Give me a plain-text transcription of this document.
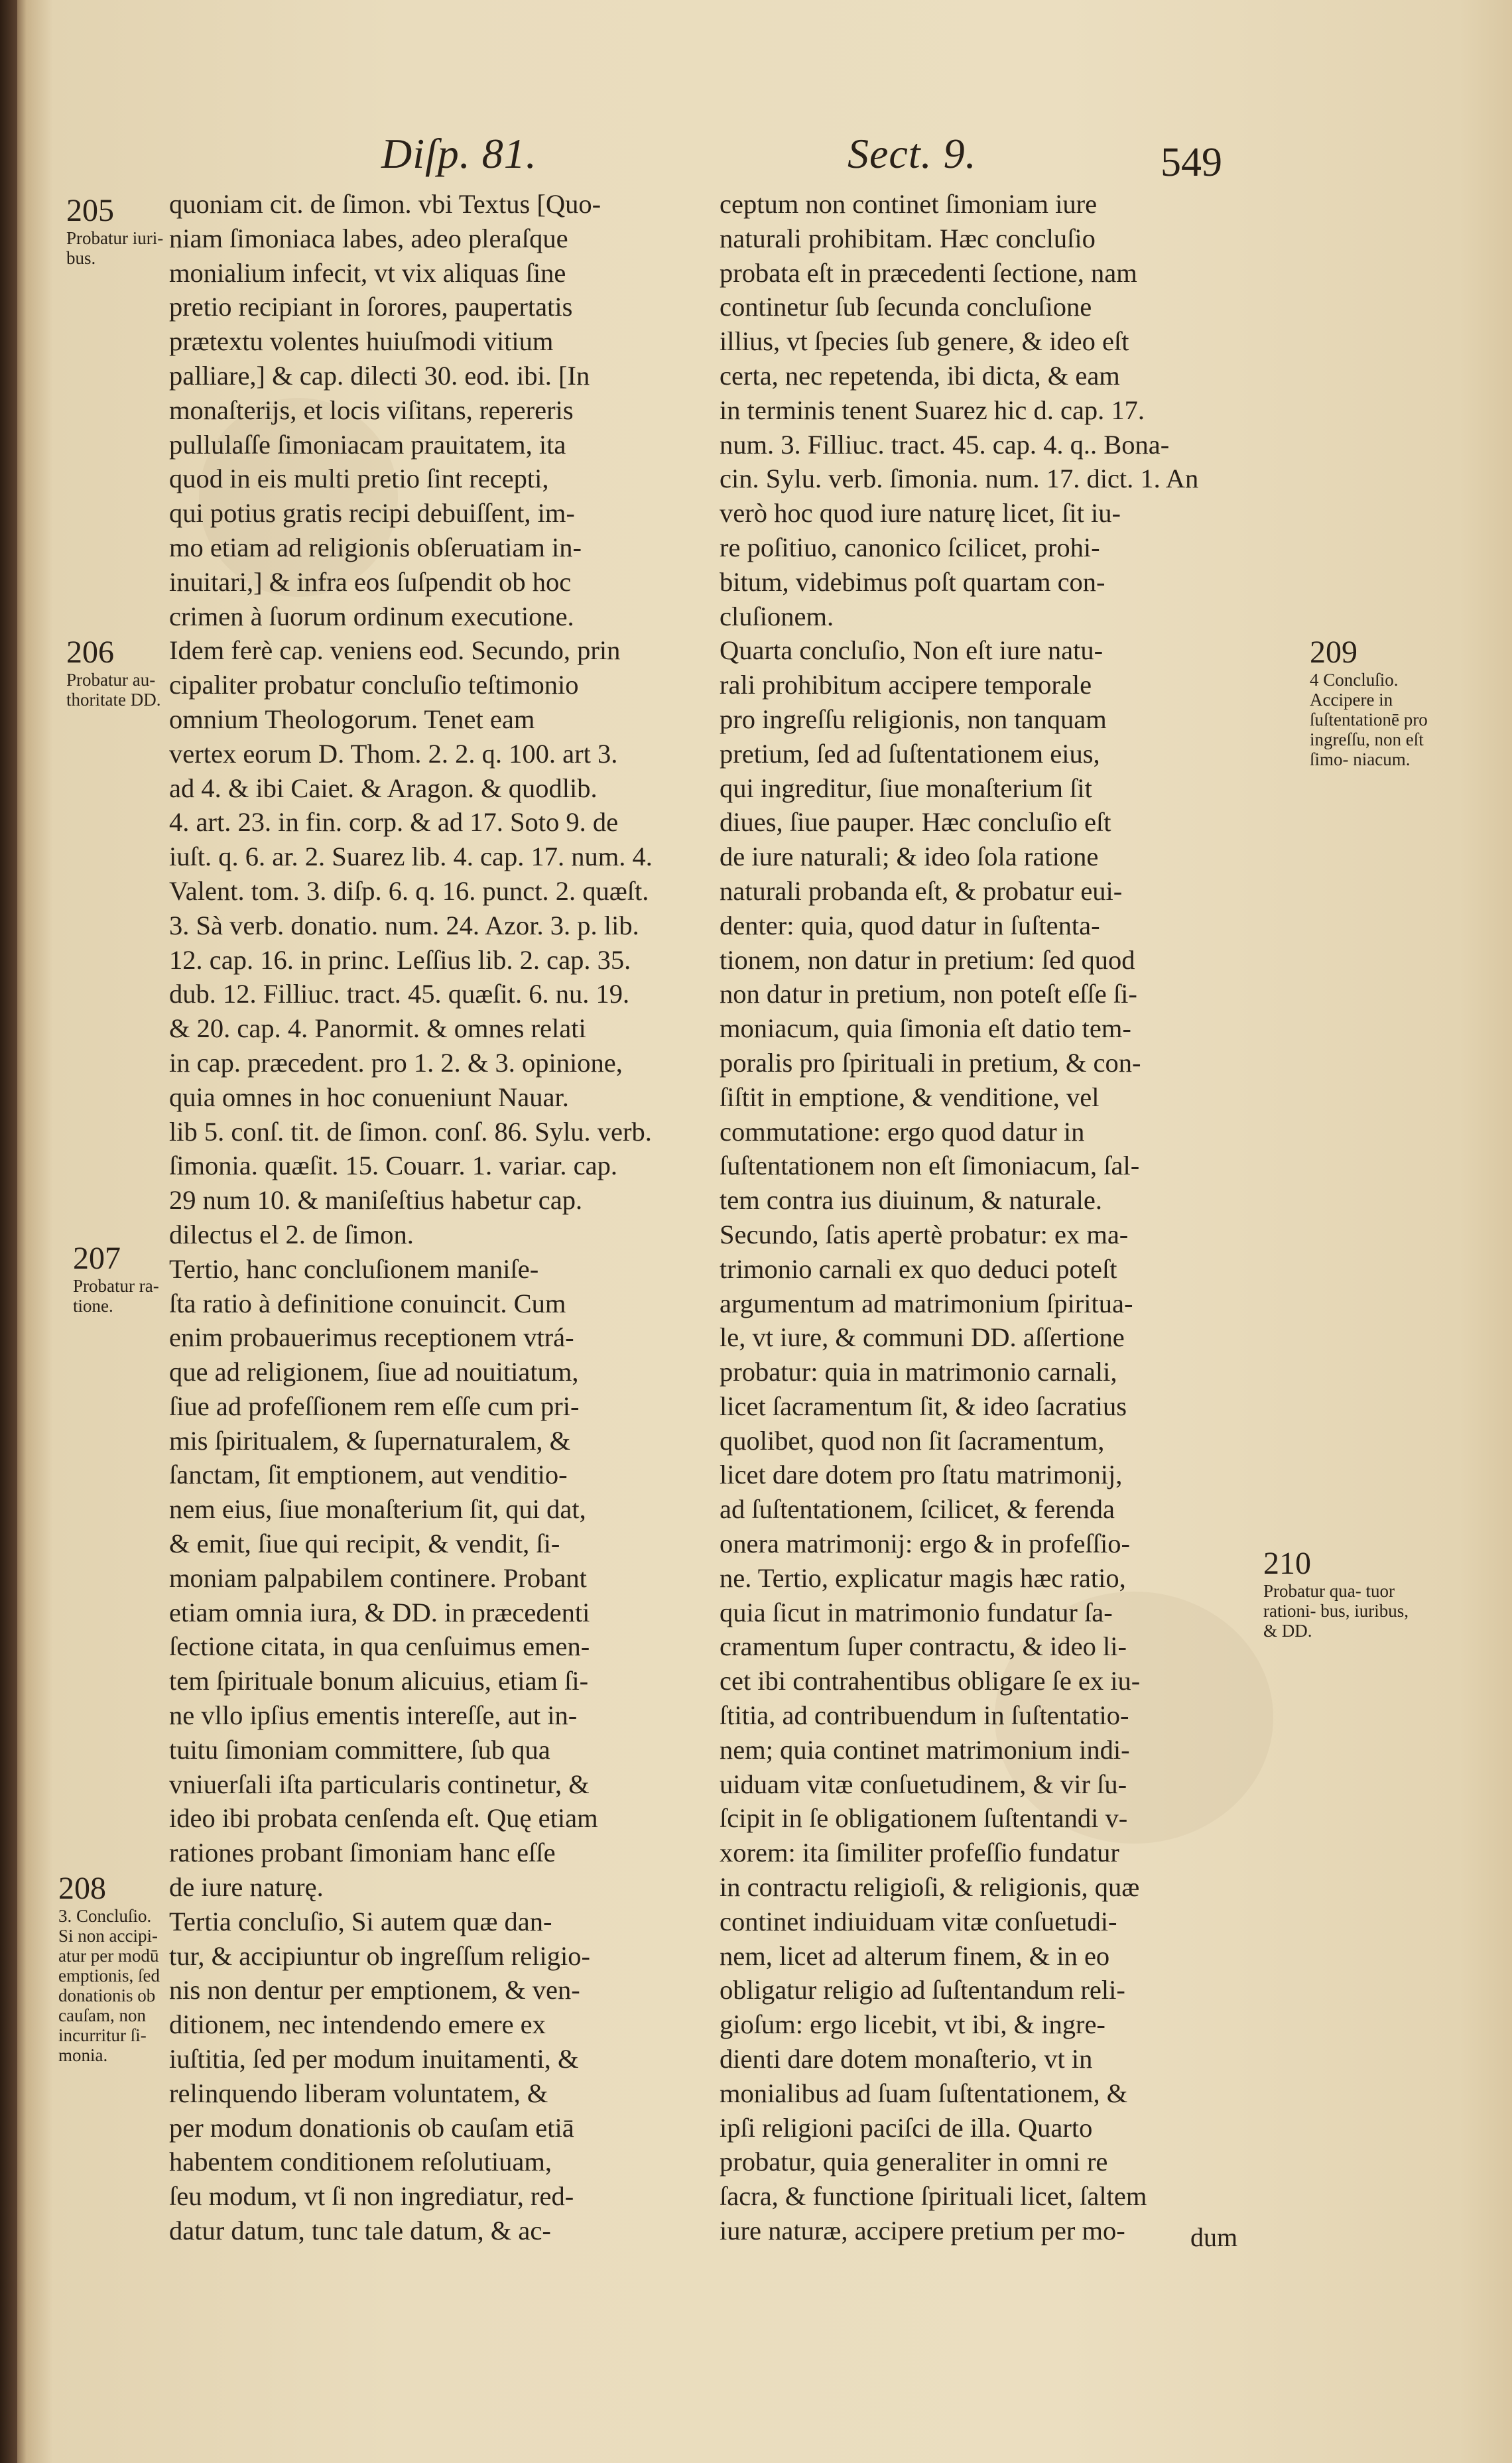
Diſp. 81.	Sect. 9.	549
205
Probatur iuri- bus.
206
Probatur au- thoritate DD.
207
Probatur ra- tione.
208
3. Concluſio. Si non accipi- atur per modū emptionis, ſed donationis ob cauſam, non incurritur ſi- monia.
209
4 Concluſio. Accipere in ſuſtentationē pro ingreſſu, non eſt ſimo- niacum.
210
Probatur qua- tuor rationi- bus, iuribus, & DD.
quoniam cit. de ſimon. vbi Textus [Quo-
niam ſimoniaca labes, adeo pleraſque
monialium infecit, vt vix aliquas ſine
pretio recipiant in ſorores, paupertatis
prætextu volentes huiuſmodi vitium
palliare,] & cap. dilecti 30. eod. ibi. [In
monaſterijs, et locis viſitans, repereris
pullulaſſe ſimoniacam prauitatem, ita
quod in eis multi pretio ſint recepti,
qui potius gratis recipi debuiſſent, im-
mo etiam ad religionis obſeruatiam in-
inuitari,] & infra eos ſuſpendit ob hoc
crimen à ſuorum ordinum executione.
Idem ferè cap. veniens eod. Secundo, prin
cipaliter probatur concluſio teſtimonio
omnium Theologorum. Tenet eam
vertex eorum D. Thom. 2. 2. q. 100. art 3.
ad 4. & ibi Caiet. & Aragon. & quodlib.
4. art. 23. in fin. corp. & ad 17. Soto 9. de
iuſt. q. 6. ar. 2. Suarez lib. 4. cap. 17. num. 4.
Valent. tom. 3. diſp. 6. q. 16. punct. 2. quæſt.
3. Sà verb. donatio. num. 24. Azor. 3. p. lib.
12. cap. 16. in princ. Leſſius lib. 2. cap. 35.
dub. 12. Filliuc. tract. 45. quæſit. 6. nu. 19.
& 20. cap. 4. Panormit. & omnes relati
in cap. præcedent. pro 1. 2. & 3. opinione,
quia omnes in hoc conueniunt Nauar.
lib 5. conſ. tit. de ſimon. conſ. 86. Sylu. verb.
ſimonia. quæſit. 15. Couarr. 1. variar. cap.
29 num 10. & maniſeſtius habetur cap.
dilectus el 2. de ſimon.
Tertio, hanc concluſionem maniſe-
ſta ratio à definitione conuincit. Cum
enim probauerimus receptionem vtrá-
que ad religionem, ſiue ad nouitiatum,
ſiue ad profeſſionem rem eſſe cum pri-
mis ſpiritualem, & ſupernaturalem, &
ſanctam, ſit emptionem, aut venditio-
nem eius, ſiue monaſterium ſit, qui dat,
& emit, ſiue qui recipit, & vendit, ſi-
moniam palpabilem continere. Probant
etiam omnia iura, & DD. in præcedenti
ſectione citata, in qua cenſuimus emen-
tem ſpirituale bonum alicuius, etiam ſi-
ne vllo ipſius ementis intereſſe, aut in-
tuitu ſimoniam committere, ſub qua
vniuerſali iſta particularis continetur, &
ideo ibi probata cenſenda eſt. Quę etiam
rationes probant ſimoniam hanc eſſe
de iure naturę.
Tertia concluſio, Si autem quæ dan-
tur, & accipiuntur ob ingreſſum religio-
nis non dentur per emptionem, & ven-
ditionem, nec intendendo emere ex
iuſtitia, ſed per modum inuitamenti, &
relinquendo liberam voluntatem, &
per modum donationis ob cauſam etiā
habentem conditionem reſolutiuam,
ſeu modum, vt ſi non ingrediatur, red-
datur datum, tunc tale datum, & ac-
ceptum non continet ſimoniam iure
naturali prohibitam. Hæc concluſio
probata eſt in præcedenti ſectione, nam
continetur ſub ſecunda concluſione
illius, vt ſpecies ſub genere, & ideo eſt
certa, nec repetenda, ibi dicta, & eam
in terminis tenent Suarez hic d. cap. 17.
num. 3. Filliuc. tract. 45. cap. 4. q.. Bona-
cin. Sylu. verb. ſimonia. num. 17. dict. 1. An
verò hoc quod iure naturę licet, ſit iu-
re poſitiuo, canonico ſcilicet, prohi-
bitum, videbimus poſt quartam con-
cluſionem.
Quarta concluſio, Non eſt iure natu-
rali prohibitum accipere temporale
pro ingreſſu religionis, non tanquam
pretium, ſed ad ſuſtentationem eius,
qui ingreditur, ſiue monaſterium ſit
diues, ſiue pauper. Hæc concluſio eſt
de iure naturali; & ideo ſola ratione
naturali probanda eſt, & probatur eui-
denter: quia, quod datur in ſuſtenta-
tionem, non datur in pretium: ſed quod
non datur in pretium, non poteſt eſſe ſi-
moniacum, quia ſimonia eſt datio tem-
poralis pro ſpirituali in pretium, & con-
ſiſtit in emptione, & venditione, vel
commutatione: ergo quod datur in
ſuſtentationem non eſt ſimoniacum, ſal-
tem contra ius diuinum, & naturale.
Secundo, ſatis apertè probatur: ex ma-
trimonio carnali ex quo deduci poteſt
argumentum ad matrimonium ſpiritua-
le, vt iure, & communi DD. aſſertione
probatur: quia in matrimonio carnali,
licet ſacramentum ſit, & ideo ſacratius
quolibet, quod non ſit ſacramentum,
licet dare dotem pro ſtatu matrimonij,
ad ſuſtentationem, ſcilicet, & ferenda
onera matrimonij: ergo & in profeſſio-
ne. Tertio, explicatur magis hæc ratio,
quia ſicut in matrimonio fundatur ſa-
cramentum ſuper contractu, & ideo li-
cet ibi contrahentibus obligare ſe ex iu-
ſtitia, ad contribuendum in ſuſtentatio-
nem; quia continet matrimonium indi-
uiduam vitæ conſuetudinem, & vir ſu-
ſcipit in ſe obligationem ſuſtentandi v-
xorem: ita ſimiliter profeſſio fundatur
in contractu religioſi, & religionis, quæ
continet indiuiduam vitæ conſuetudi-
nem, licet ad alterum finem, & in eo
obligatur religio ad ſuſtentandum reli-
gioſum: ergo licebit, vt ibi, & ingre-
dienti dare dotem monaſterio, vt in
monialibus ad ſuam ſuſtentationem, &
ipſi religioni paciſci de illa. Quarto
probatur, quia generaliter in omni re
ſacra, & functione ſpirituali licet, ſaltem
iure naturæ, accipere pretium per mo-	dum
